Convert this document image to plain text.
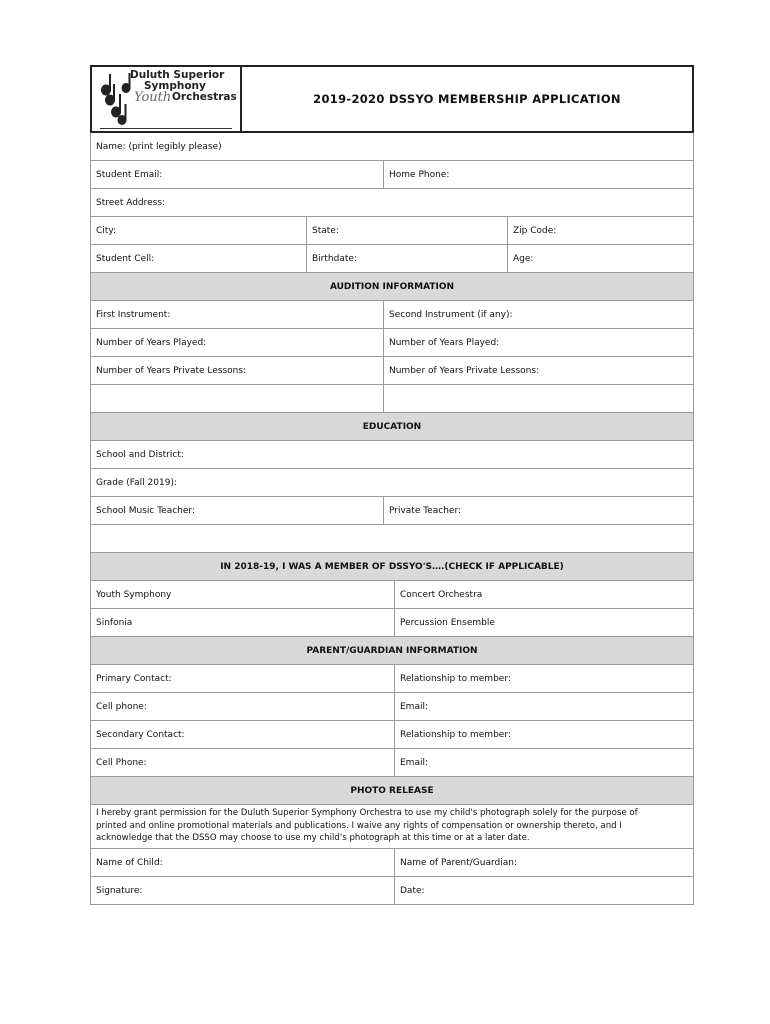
Duluth Superior
Symphony
Youth Orchestras	2019-2020 DSSYO MEMBERSHIP APPLICATION
Name: (print legibly please)
Student Email:	Home Phone:
Street Address:
City:	State:	Zip Code:
Student Cell:	Birthdate:	Age:
AUDITION INFORMATION
First Instrument:	Second Instrument (if any):
Number of Years Played:	Number of Years Played:
Number of Years Private Lessons:	Number of Years Private Lessons:
EDUCATION
School and District:
Grade (Fall 2019):
School Music Teacher:	Private Teacher:
IN 2018-19, I WAS A MEMBER OF DSSYO'S….(CHECK IF APPLICABLE)
Youth Symphony	Concert Orchestra
Sinfonia	Percussion Ensemble
PARENT/GUARDIAN INFORMATION
Primary Contact:	Relationship to member:
Cell phone:	Email:
Secondary Contact:	Relationship to member:
Cell Phone:	Email:
PHOTO RELEASE
I hereby grant permission for the Duluth Superior Symphony Orchestra to use my child's photograph solely for the purpose of
printed and online promotional materials and publications. I waive any rights of compensation or ownership thereto, and I
acknowledge that the DSSO may choose to use my child's photograph at this time or at a later date.
Name of Child:	Name of Parent/Guardian:
Signature:	Date:
